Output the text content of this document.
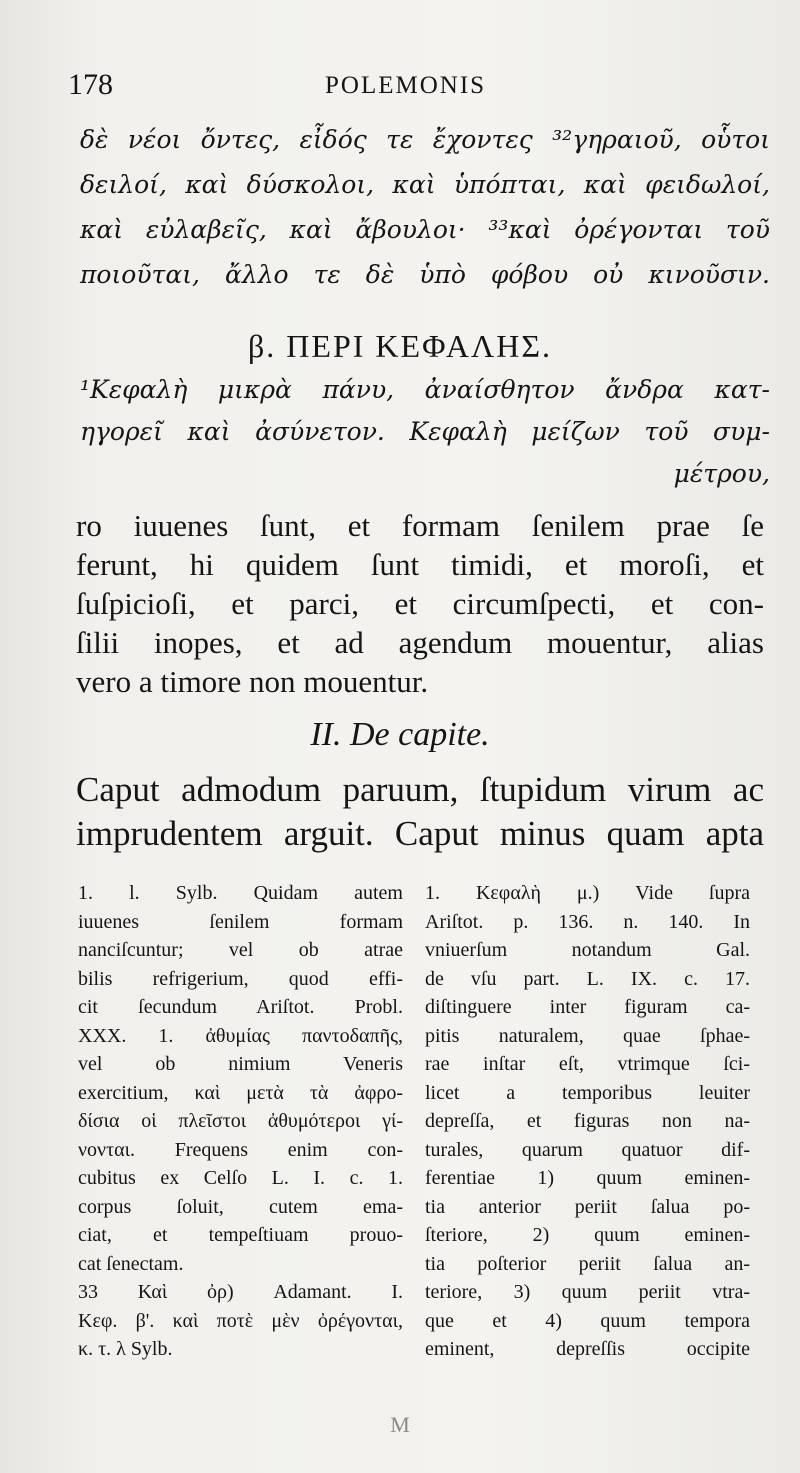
178	POLEMONIS
δὲ νέοι ὄντες, εἶδός τε ἔχοντες ³²γηραιοῦ, οὗτοι
δειλοί, καὶ δύσκολοι, καὶ ὑπόπται, καὶ φειδωλοί,
καὶ εὐλαβεῖς, καὶ ἄβουλοι· ³³καὶ ὀρέγονται τοῦ
ποιοῦται, ἄλλο τε δὲ ὑπὸ φόβου οὐ κινοῦσιν.
β. ΠΕΡΙ ΚΕΦΑΛΗΣ.
¹Κεφαλὴ μικρὰ πάνυ, ἀναίσθητον ἄνδρα κατ-
ηγορεῖ καὶ ἀσύνετον. Κεφαλὴ μείζων τοῦ συμ-
μέτρου,
ro iuuenes ſunt, et formam ſenilem prae ſe
ferunt, hi quidem ſunt timidi, et moroſi, et
ſuſpicioſi, et parci, et circumſpecti, et con-
ſilii inopes, et ad agendum mouentur, alias
vero a timore non mouentur.
II. De capite.
Caput admodum paruum, ſtupidum virum ac
imprudentem arguit. Caput minus quam apta
1. l. Sylb. Quidam autem
iuuenes ſenilem formam
nanciſcuntur; vel ob atrae
bilis refrigerium, quod effi-
cit ſecundum Ariſtot. Probl.
XXX. 1. ἀθυμίας παντοδαπῆς,
vel ob nimium Veneris
exercitium, καὶ μετὰ τὰ ἀφρο-
δίσια οἱ πλεῖστοι ἀθυμότεροι γί-
νονται. Frequens enim con-
cubitus ex Celſo L. I. c. 1.
corpus ſoluit, cutem ema-
ciat, et tempeſtiuam prouo-
cat ſenectam.
33 Καὶ ὀρ) Adamant. I.
Κεφ. β'. καὶ ποτὲ μὲν ὀρέγονται,
κ. τ. λ Sylb.
1. Κεφαλὴ μ.) Vide ſupra
Ariſtot. p. 136. n. 140. In
vniuerſum notandum Gal.
de vſu part. L. IX. c. 17.
diſtinguere inter figuram ca-
pitis naturalem, quae ſphae-
rae inſtar eſt, vtrimque ſci-
licet a temporibus leuiter
depreſſa, et figuras non na-
turales, quarum quatuor dif-
ferentiae 1) quum eminen-
tia anterior periit ſalua po-
ſteriore, 2) quum eminen-
tia poſterior periit ſalua an-
teriore, 3) quum periit vtra-
que et 4) quum tempora
eminent, depreſſis occipite
M
